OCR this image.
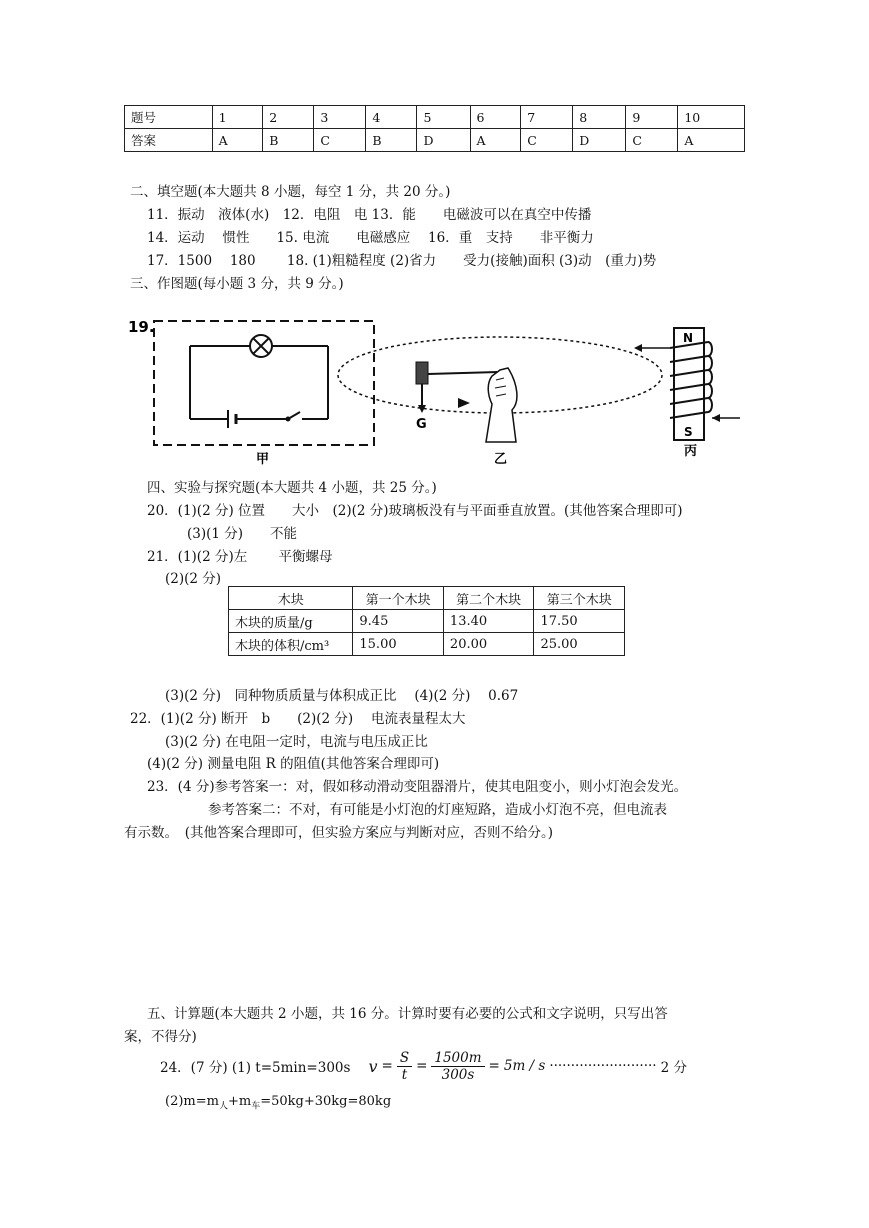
题号	1	2	3	4	5	6	7	8	9	10
答案	A	B	C	B	D	A	C	D	C	A
二、填空题(本大题共 8 小题，每空 1 分，共 20 分。)
11．振动　液体(水)　12．电阻　电 13．能　　电磁波可以在真空中传播
14．运动　 惯性　　15. 电流　　电磁感应　 16．重　支持　　非平衡力
17．1500　 180　　 18. (1)粗糙程度 (2)省力　　受力(接触)面积 (3)动　(重力)势
三、作图题(每小题 3 分，共 9 分。)
19.
甲
G
乙
N
S
丙
四、实验与探究题(本大题共 4 小题，共 25 分。)
20．(1)(2 分) 位置　　大小　(2)(2 分)玻璃板没有与平面垂直放置。(其他答案合理即可)
(3)(1 分)　　不能
21．(1)(2 分)左　　 平衡螺母
(2)(2 分)
木块	第一个木块	第二个木块	第三个木块
木块的质量/g	9.45	13.40	17.50
木块的体积/cm³	15.00	20.00	25.00
(3)(2 分)　同种物质质量与体积成正比　 (4)(2 分)　 0.67
22．(1)(2 分) 断开　b　　(2)(2 分)　 电流表量程太大
(3)(2 分) 在电阻一定时，电流与电压成正比
(4)(2 分) 测量电阻 R 的阻值(其他答案合理即可)
23．(4 分)参考答案一：对，假如移动滑动变阻器滑片，使其电阻变小，则小灯泡会发光。
参考答案二：不对，有可能是小灯泡的灯座短路，造成小灯泡不亮，但电流表
有示数。　(其他答案合理即可，但实验方案应与判断对应，否则不给分。)
五、计算题(本大题共 2 小题，共 16 分。计算时要有必要的公式和文字说明，只写出答
案，不得分)
24．(7 分) (1) t=5min=300s $v = \frac{S}{t} = \frac{1500m}{300s} = 5m / s$ ························· 2 分
$(2)m=m_人+m_车=50kg+30kg=80kg$
